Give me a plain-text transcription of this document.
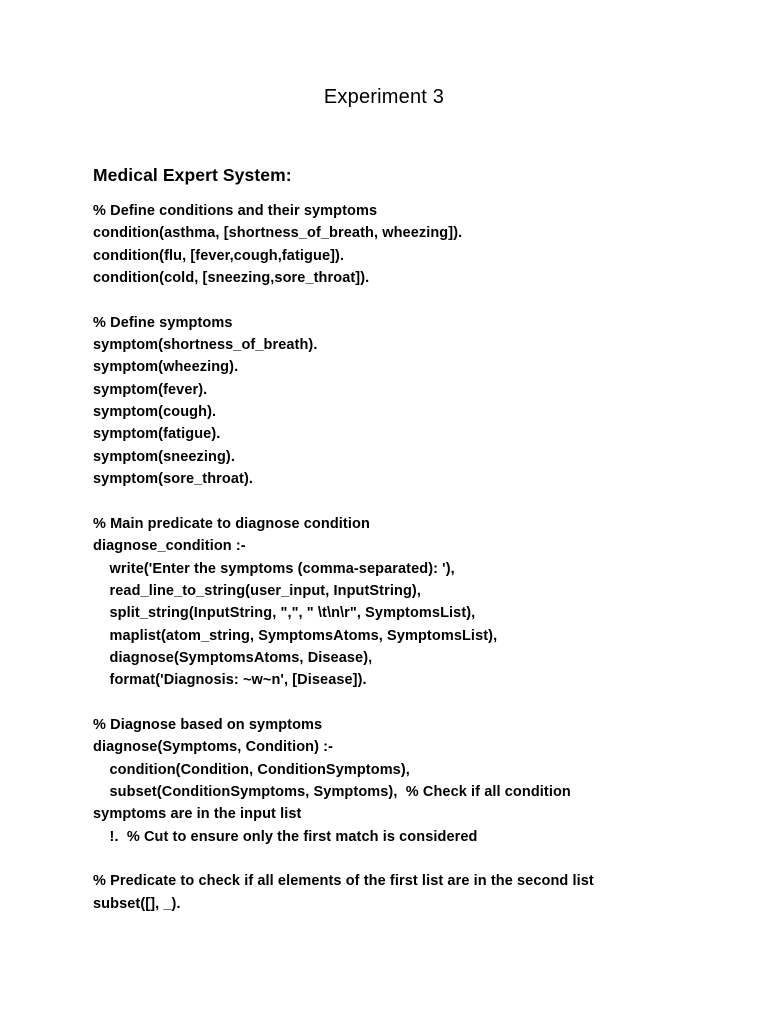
Experiment 3
Medical Expert System:
% Define conditions and their symptoms
condition(asthma, [shortness_of_breath, wheezing]).
condition(flu, [fever,cough,fatigue]).
condition(cold, [sneezing,sore_throat]).
% Define symptoms
symptom(shortness_of_breath).
symptom(wheezing).
symptom(fever).
symptom(cough).
symptom(fatigue).
symptom(sneezing).
symptom(sore_throat).
% Main predicate to diagnose condition
diagnose_condition :-
write('Enter the symptoms (comma-separated): '),
read_line_to_string(user_input, InputString),
split_string(InputString, ",", " \t\n\r", SymptomsList),
maplist(atom_string, SymptomsAtoms, SymptomsList),
diagnose(SymptomsAtoms, Disease),
format('Diagnosis: ~w~n', [Disease]).
% Diagnose based on symptoms
diagnose(Symptoms, Condition) :-
condition(Condition, ConditionSymptoms),
subset(ConditionSymptoms, Symptoms),  % Check if all condition
symptoms are in the input list
!.  % Cut to ensure only the first match is considered
% Predicate to check if all elements of the first list are in the second list
subset([], _).
